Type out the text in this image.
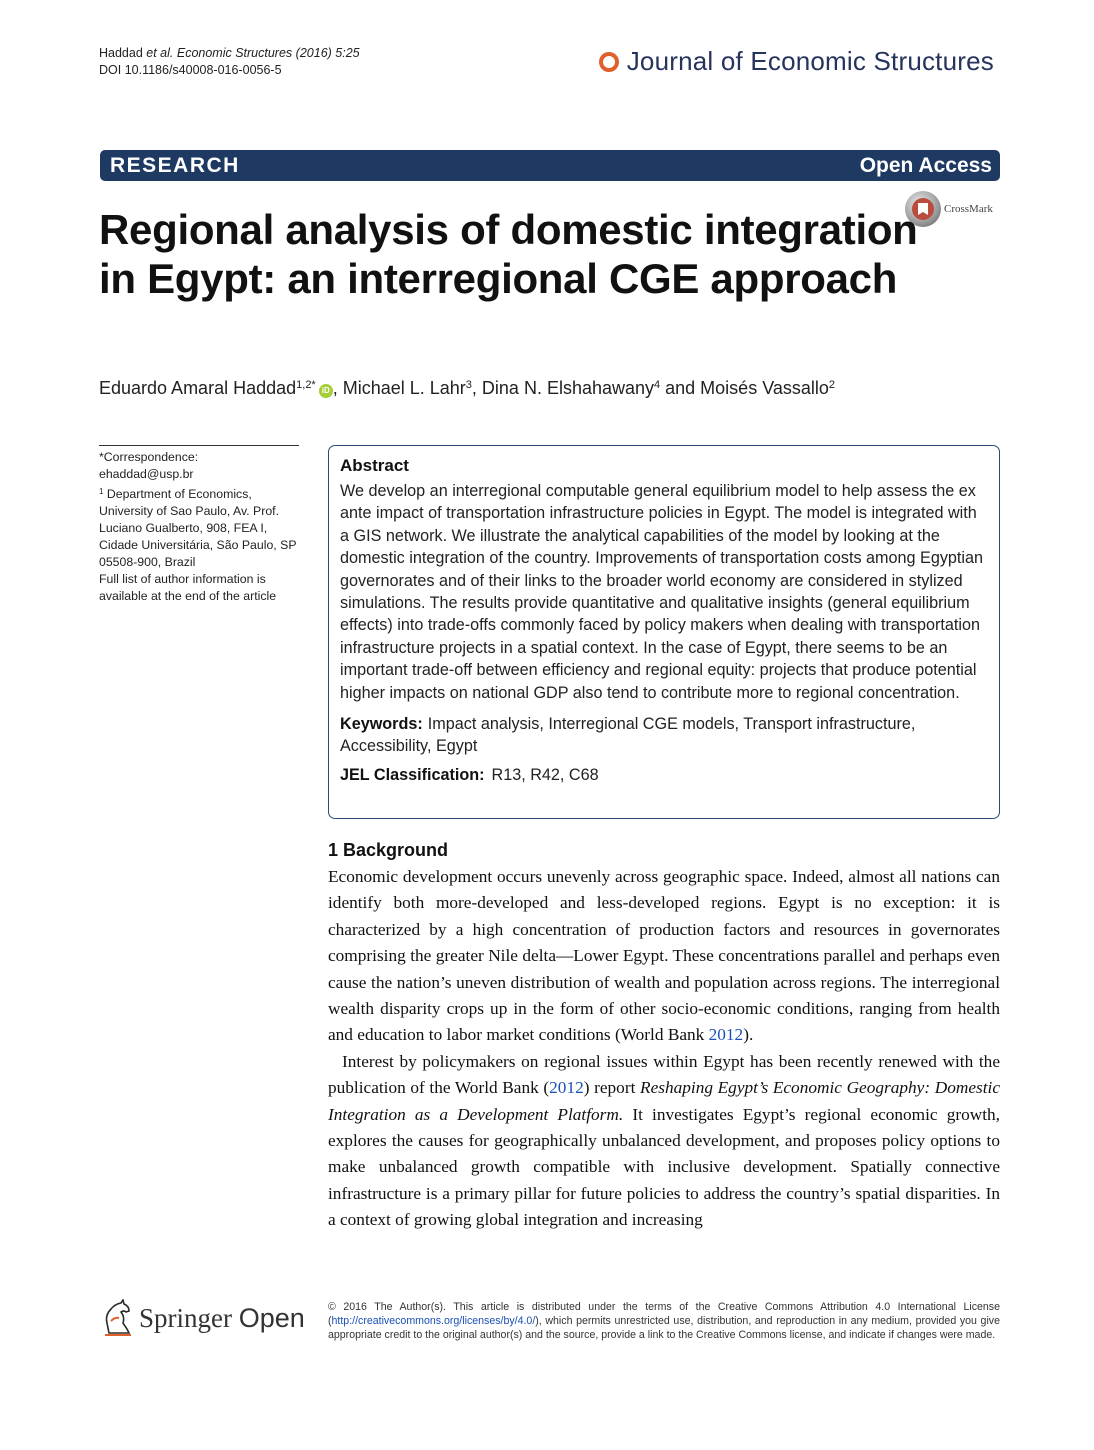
Haddad et al. Economic Structures (2016) 5:25
DOI 10.1186/s40008-016-0056-5	Journal of Economic Structures
RESEARCH	Open Access
CrossMark
Regional analysis of domestic integration in Egypt: an interregional CGE approach
Eduardo Amaral Haddad$^{1,2*}$ iD , Michael L. Lahr$^3$, Dina N. Elshahawany$^4$ and Moisés Vassallo$^2$
*Correspondence:
ehaddad@usp.br
$^1$ Department of Economics, University of Sao Paulo, Av. Prof. Luciano Gualberto, 908, FEA I, Cidade Universitária, São Paulo, SP 05508-900, Brazil
Full list of author information is available at the end of the article
Abstract
We develop an interregional computable general equilibrium model to help assess the ex ante impact of transportation infrastructure policies in Egypt. The model is integrated with a GIS network. We illustrate the analytical capabilities of the model by looking at the domestic integration of the country. Improvements of transportation costs among Egyptian governorates and of their links to the broader world economy are considered in stylized simulations. The results provide quantitative and qualitative insights (general equilibrium effects) into trade-offs commonly faced by policy makers when dealing with transportation infrastructure projects in a spatial context. In the case of Egypt, there seems to be an important trade-off between efficiency and regional equity: projects that produce potential higher impacts on national GDP also tend to contribute more to regional concentration.
Keywords: Impact analysis, Interregional CGE models, Transport infrastructure, Accessibility, Egypt
JEL Classification: R13, R42, C68
1 Background

Economic development occurs unevenly across geographic space. Indeed, almost all nations can identify both more-developed and less-developed regions. Egypt is no exception: it is characterized by a high concentration of production factors and resources in governorates comprising the greater Nile delta—Lower Egypt. These concentrations parallel and perhaps even cause the nation’s uneven distribution of wealth and population across regions. The interregional wealth disparity crops up in the form of other socio-economic conditions, ranging from health and education to labor market conditions (World Bank 2012).

Interest by policymakers on regional issues within Egypt has been recently renewed with the publication of the World Bank (2012) report Reshaping Egypt’s Economic Geography: Domestic Integration as a Development Platform. It investigates Egypt’s regional economic growth, explores the causes for geographically unbalanced development, and proposes policy options to make unbalanced growth compatible with inclusive development. Spatially connective infrastructure is a primary pillar for future policies to address the country’s spatial disparities. In a context of growing global integration and increasing

Springer Open © 2016 The Author(s). This article is distributed under the terms of the Creative Commons Attribution 4.0 International License (http://creativecommons.org/licenses/by/4.0/), which permits unrestricted use, distribution, and reproduction in any medium, provided you give appropriate credit to the original author(s) and the source, provide a link to the Creative Commons license, and indicate if changes were made.
